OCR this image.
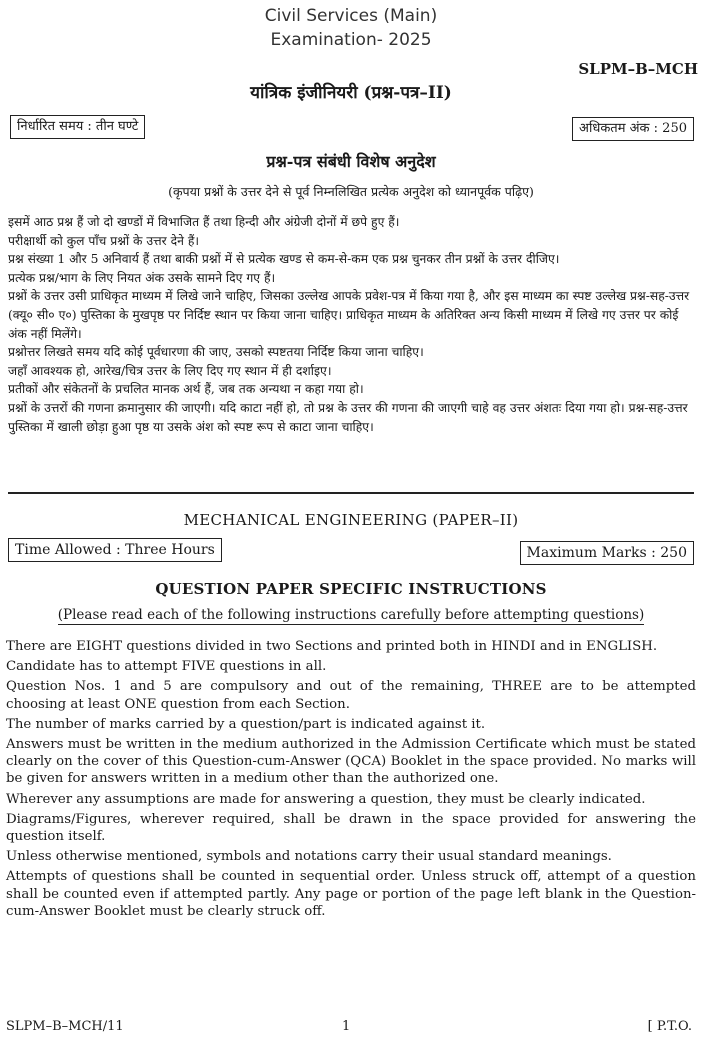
Civil Services (Main)
Examination- 2025
SLPM–B–MCH
यांत्रिक इंजीनियरी (प्रश्न-पत्र–II)
निर्धारित समय : तीन घण्टे	अधिकतम अंक : 250
प्रश्न-पत्र संबंधी विशेष अनुदेश
(कृपया प्रश्नों के उत्तर देने से पूर्व निम्नलिखित प्रत्येक अनुदेश को ध्यानपूर्वक पढ़िए)

इसमें आठ प्रश्न हैं जो दो खण्डों में विभाजित हैं तथा हिन्दी और अंग्रेजी दोनों में छपे हुए हैं।

परीक्षार्थी को कुल पाँच प्रश्नों के उत्तर देने हैं।

प्रश्न संख्या 1 और 5 अनिवार्य हैं तथा बाकी प्रश्नों में से प्रत्येक खण्ड से कम-से-कम एक प्रश्न चुनकर तीन प्रश्नों के उत्तर दीजिए।

प्रत्येक प्रश्न/भाग के लिए नियत अंक उसके सामने दिए गए हैं।

प्रश्नों के उत्तर उसी प्राधिकृत माध्यम में लिखे जाने चाहिए, जिसका उल्लेख आपके प्रवेश-पत्र में किया गया है, और इस माध्यम का स्पष्ट उल्लेख प्रश्न-सह-उत्तर (क्यू० सी० ए०) पुस्तिका के मुखपृष्ठ पर निर्दिष्ट स्थान पर किया जाना चाहिए। प्राधिकृत माध्यम के अतिरिक्त अन्य किसी माध्यम में लिखे गए उत्तर पर कोई अंक नहीं मिलेंगे।

प्रश्नोत्तर लिखते समय यदि कोई पूर्वधारणा की जाए, उसको स्पष्टतया निर्दिष्ट किया जाना चाहिए।

जहाँ आवश्यक हो, आरेख/चित्र उत्तर के लिए दिए गए स्थान में ही दर्शाइए।

प्रतीकों और संकेतनों के प्रचलित मानक अर्थ हैं, जब तक अन्यथा न कहा गया हो।

प्रश्नों के उत्तरों की गणना क्रमानुसार की जाएगी। यदि काटा नहीं हो, तो प्रश्न के उत्तर की गणना की जाएगी चाहे वह उत्तर अंशतः दिया गया हो। प्रश्न-सह-उत्तर पुस्तिका में खाली छोड़ा हुआ पृष्ठ या उसके अंश को स्पष्ट रूप से काटा जाना चाहिए।

MECHANICAL ENGINEERING (PAPER–II)
Time Allowed : Three Hours	Maximum Marks : 250
QUESTION PAPER SPECIFIC INSTRUCTIONS
(Please read each of the following instructions carefully before attempting questions)

There are EIGHT questions divided in two Sections and printed both in HINDI and in ENGLISH.

Candidate has to attempt FIVE questions in all.

Question Nos. 1 and 5 are compulsory and out of the remaining, THREE are to be attempted choosing at least ONE question from each Section.

The number of marks carried by a question/part is indicated against it.

Answers must be written in the medium authorized in the Admission Certificate which must be stated clearly on the cover of this Question-cum-Answer (QCA) Booklet in the space provided. No marks will be given for answers written in a medium other than the authorized one.

Wherever any assumptions are made for answering a question, they must be clearly indicated.

Diagrams/Figures, wherever required, shall be drawn in the space provided for answering the question itself.

Unless otherwise mentioned, symbols and notations carry their usual standard meanings.

Attempts of questions shall be counted in sequential order. Unless struck off, attempt of a question shall be counted even if attempted partly. Any page or portion of the page left blank in the Question-cum-Answer Booklet must be clearly struck off.

SLPM–B–MCH/11	1	[ P.T.O.
